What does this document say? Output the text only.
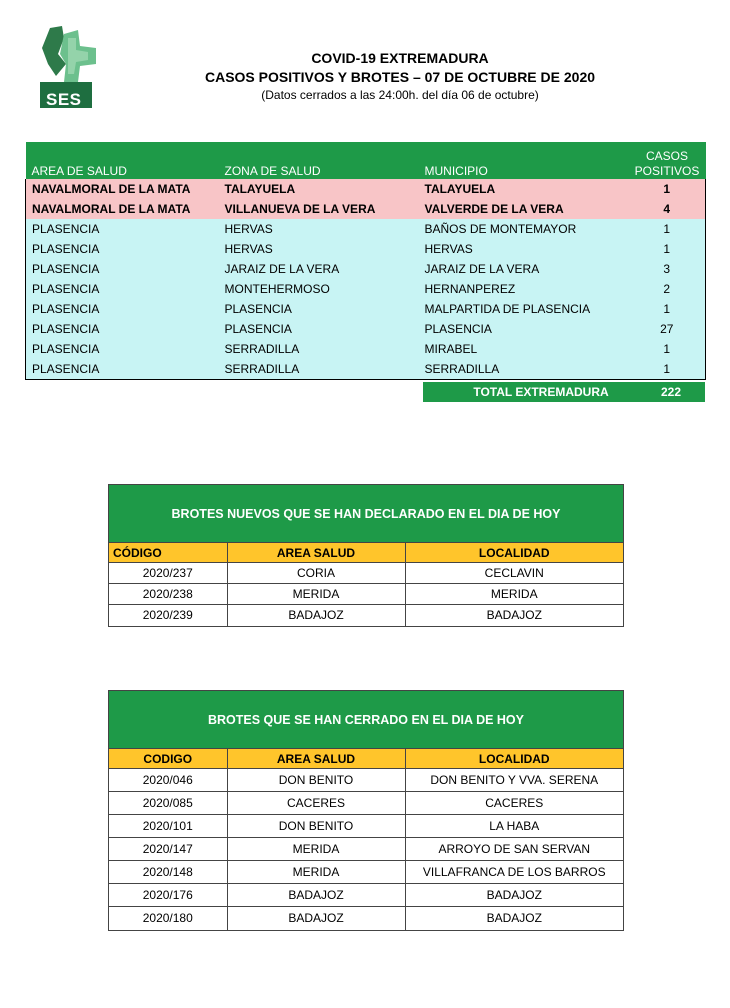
SES
COVID-19 EXTREMADURA
CASOS POSITIVOS Y BROTES – 07 DE OCTUBRE DE 2020
(Datos cerrados a las 24:00h. del día 06 de octubre)
AREA DE SALUD	ZONA DE SALUD	MUNICIPIO	CASOS
POSITIVOS

NAVALMORAL DE LA MATA	TALAYUELA	TALAYUELA	1
NAVALMORAL DE LA MATA	VILLANUEVA DE LA VERA	VALVERDE DE LA VERA	4
PLASENCIA	HERVAS	BAÑOS DE MONTEMAYOR	1
PLASENCIA	HERVAS	HERVAS	1
PLASENCIA	JARAIZ DE LA VERA	JARAIZ DE LA VERA	3
PLASENCIA	MONTEHERMOSO	HERNANPEREZ	2
PLASENCIA	PLASENCIA	MALPARTIDA DE PLASENCIA	1
PLASENCIA	PLASENCIA	PLASENCIA	27
PLASENCIA	SERRADILLA	MIRABEL	1
PLASENCIA	SERRADILLA	SERRADILLA	1
TOTAL EXTREMADURA	222
BROTES NUEVOS QUE SE HAN DECLARADO EN EL DIA DE HOY
CÓDIGO	AREA SALUD	LOCALIDAD
2020/237	CORIA	CECLAVIN
2020/238	MERIDA	MERIDA
2020/239	BADAJOZ	BADAJOZ
BROTES QUE SE HAN CERRADO EN EL DIA DE HOY
CODIGO	AREA SALUD	LOCALIDAD
2020/046	DON BENITO	DON BENITO Y VVA. SERENA
2020/085	CACERES	CACERES
2020/101	DON BENITO	LA HABA
2020/147	MERIDA	ARROYO DE SAN SERVAN
2020/148	MERIDA	VILLAFRANCA DE LOS BARROS
2020/176	BADAJOZ	BADAJOZ
2020/180	BADAJOZ	BADAJOZ
